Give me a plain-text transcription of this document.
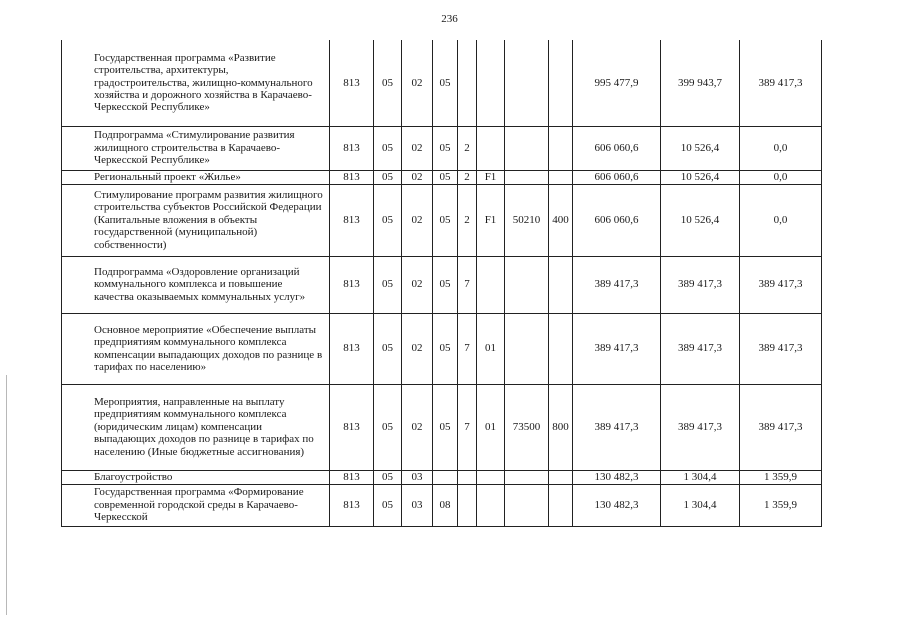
236
Государственная программа «Развитие строительства, архитектуры, градостроительства, жилищно-коммунального хозяйства и дорожного хозяйства в Карачаево-Черкесской Республике»	813	05	02	05					995 477,9	399 943,7	389 417,3
Подпрограмма «Стимулирование развития жилищного строительства в Карачаево-Черкесской Республике»	813	05	02	05	2				606 060,6	10 526,4	0,0
Региональный проект «Жилье»	813	05	02	05	2	F1			606 060,6	10 526,4	0,0
Стимулирование программ развития жилищного строительства субъектов Российской Федерации (Капитальные вложения в объекты государственной (муниципальной) собственности)	813	05	02	05	2	F1	50210	400	606 060,6	10 526,4	0,0
Подпрограмма «Оздоровление организаций коммунального комплекса и повышение качества оказываемых коммунальных услуг»	813	05	02	05	7				389 417,3	389 417,3	389 417,3
Основное мероприятие «Обеспечение выплаты предприятиям коммунального комплекса компенсации выпадающих доходов по разнице в тарифах по населению»	813	05	02	05	7	01			389 417,3	389 417,3	389 417,3
Мероприятия, направленные на выплату предприятиям коммунального комплекса (юридическим лицам) компенсации выпадающих доходов по разнице в тарифах по населению (Иные бюджетные ассигнования)	813	05	02	05	7	01	73500	800	389 417,3	389 417,3	389 417,3
Благоустройство	813	05	03						130 482,3	1 304,4	1 359,9
Государственная программа «Формирование современной городской среды в Карачаево-Черкесской	813	05	03	08					130 482,3	1 304,4	1 359,9
